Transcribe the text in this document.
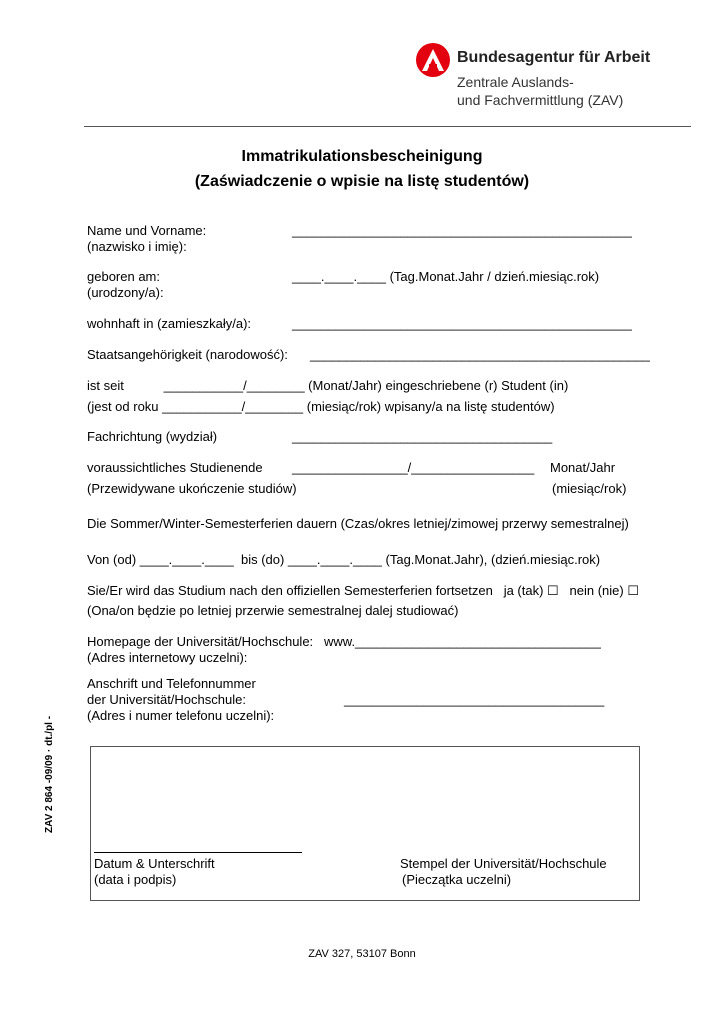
Bundesagentur für Arbeit
Zentrale Auslands-
und Fachvermittlung (ZAV)
Immatrikulationsbescheinigung
(Zaświadczenie o wpisie na listę studentów)
Name und Vorname:	_______________________________________________
(nazwisko i imię):
geboren am:	____.____.____ (Tag.Monat.Jahr / dzień.miesiąc.rok)
(urodzony/a):
wohnhaft in (zamieszkały/a):	_______________________________________________
Staatsangehörigkeit (narodowość): _______________________________________________
ist seit           ___________/________ (Monat/Jahr) eingeschriebene (r) Student (in)
(jest od roku ___________/________ (miesiąc/rok) wpisany/a na listę studentów)
Fachrichtung (wydział)	____________________________________
voraussichtliches Studienende ________________/_________________ Monat/Jahr
(Przewidywane ukończenie studiów)	(miesiąc/rok)
Die Sommer/Winter-Semesterferien dauern (Czas/okres letniej/zimowej przerwy semestralnej)
Von (od) ____.____.____  bis (do) ____.____.____ (Tag.Monat.Jahr), (dzień.miesiąc.rok)
Sie/Er wird das Studium nach den offiziellen Semesterferien fortsetzen   ja (tak) ☐   nein (nie) ☐
(Ona/on będzie po letniej przerwie semestralnej dalej studiować)
Homepage der Universität/Hochschule:   www.__________________________________
(Adres internetowy uczelni):
Anschrift und Telefonnummer
der Universität/Hochschule:	____________________________________
(Adres i numer telefonu uczelni):
Datum & Unterschrift
(data i podpis)
Stempel der Universität/Hochschule
(Pieczątka uczelni)
ZAV 2 864 -09/09 · dt./pl -
ZAV 327, 53107 Bonn
